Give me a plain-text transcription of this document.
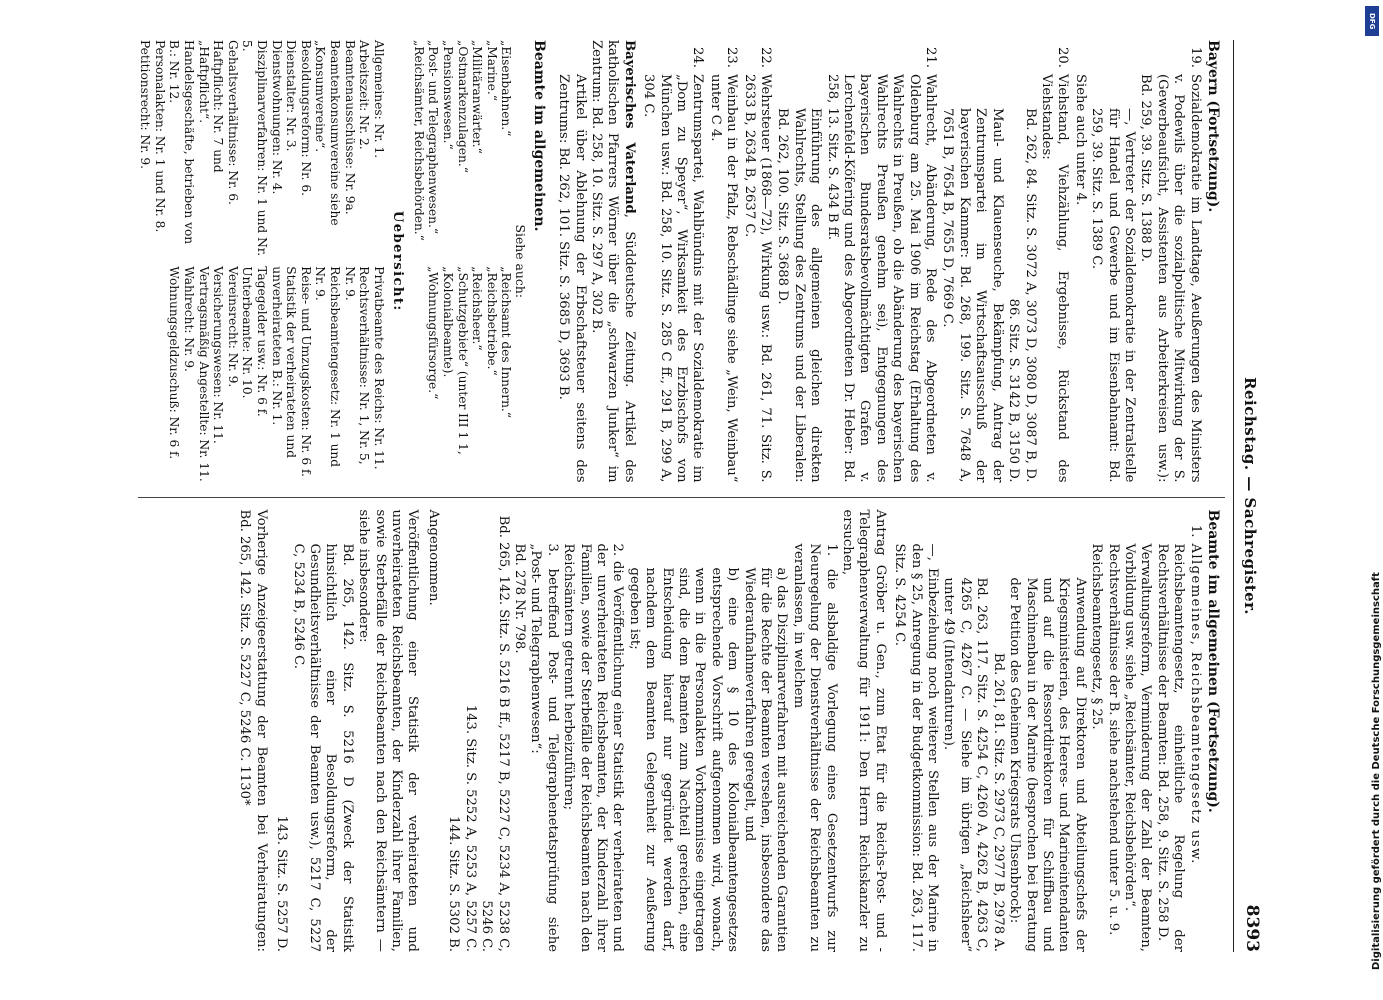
Reichstag. — Sachregister.
8393
Bayern (Fortsetzung).
19.

Sozialdemokratie im Landtage, Aeußerungen des Ministers v. Podewils über die sozialpolitische Mitwirkung der S. (Gewerbeaufsicht, Assistenten aus Arbeiterkreisen usw.): Bd. 259, 39. Sitz. S. 1388 D.

—, Vertreter der Sozialdemokratie in der Zentralstelle für Handel und Gewerbe und im Eisenbahnamt: Bd. 259, 39. Sitz. S. 1389 C.

Siehe auch unter 4.

20.

Viehstand, Viehzählung, Ergebnisse, Rückstand des Viehstandes:

Bd. 262, 84. Sitz. S. 3072 A, 3073 D, 3080 D, 3087 B, D.

86. Sitz. S. 3142 B, 3150 D.

Maul- und Klauenseuche, Bekämpfung, Antrag der Zentrumspartei im Wirtschaftsausschuß der bayerischen Kammer: Bd. 268, 199. Sitz. S. 7648 A, 7651 B, 7654 B, 7655 D, 7669 C.

21.

Wahlrecht, Abänderung, Rede des Abgeordneten v. Oldenburg am 25. Mai 1906 im Reichstag (Erhaltung des Wahlrechts in Preußen, ob die Abänderung des bayerischen Wahlrechts Preußen genehm sei), Entgegnungen des bayerischen Bundesratsbevollmächtigten Grafen v. Lerchenfeld-Köfering und des Abgeordneten Dr. Heber: Bd. 258, 13. Sitz. S. 434 B ff.

Einführung des allgemeinen gleichen direkten Wahlrechts, Stellung des Zentrums und der Liberalen: Bd. 262, 100. Sitz. S. 3688 D.

22.

Wehrsteuer (1868—72), Wirkung usw.: Bd. 261, 71. Sitz. S. 2633 B, 2634 B, 2637 C.

23.

Weinbau in der Pfalz, Rebschädlinge siehe „Wein, Weinbau“ unter C 4.

24.

Zentrumspartei, Wahlbündnis mit der Sozialdemokratie im „Dom zu Speyer“, Wirksamkeit des Erzbischofs von München usw.: Bd. 258, 10. Sitz. S. 285 C ff., 291 B, 299 A, 304 C.

Bayerisches Vaterland, Süddeutsche Zeitung. Artikel des katholischen Pfarrers Wörner über die „schwarzen Junker“ im Zentrum: Bd. 258, 10. Sitz. S. 297 A, 302 B.

Artikel über Ablehnung der Erbschaftsteuer seitens des Zentrums: Bd. 262, 101. Sitz. S. 3685 D, 3693 B.

Beamte im allgemeinen.
Siehe auch:
„Eisenbahnen.“
„Marine.“
„Militäranwärter.“
„Ostmarkenzulagen.“
„Pensionswesen.“
„Post- und Telegraphenwesen.“
„Reichsämter, Reichsbehörden.“
„Reichsamt des Innern.“
„Reichsbetriebe.“
„Reichsheer.“
„Schutzgebiete“ (unter III 1 1, „Kolonialbeamte).
„Wohnungsfürsorge.“
Uebersicht:
Allgemeines: Nr. 1.
Arbeitszeit: Nr. 2.
Beamtenausschüsse: Nr. 9a.
Beamtenkonsumvereine siehe „Konsumvereine“.
Besoldungsreform: Nr. 6.
Dienstalter: Nr. 3.
Dienstwohnungen: Nr. 4.
Disziplinarverfahren: Nr. 1 und Nr. 5.
Gehaltsverhältnisse: Nr. 6.
Haftpflicht: Nr. 7 und „Haftpflicht“.
Handelsgeschäfte, betrieben von B.: Nr. 12.
Personalakten: Nr. 1 und Nr. 8.
Petitionsrecht: Nr. 9.
Privatbeamte des Reichs: Nr. 11.
Rechtsverhältnisse: Nr. 1, Nr. 5, Nr. 9.
Reichsbeamtengesetz: Nr. 1 und Nr. 9.
Reise- und Umzugskosten: Nr. 6 f.
Statistik der verheirateten und unverheirateten B.: Nr. 1.
Tagegelder usw.: Nr. 6 f.
Unterbeamte: Nr. 10.
Vereinsrecht: Nr. 9.
Versicherungswesen: Nr. 11.
Vertragsmäßig Angestellte: Nr. 11.
Wahlrecht: Nr. 9.
Wohnungsgeldzuschuß: Nr. 6 f.
Beamte im allgemeinen (Fortsetzung).
1.

Allgemeines, Reichsbeamtengesetz usw.

Reichsbeamtengesetz, einheitliche Regelung der Rechtsverhältnisse der Beamten: Bd. 258, 9. Sitz. S. 258 D.

Verwaltungsreform, Verminderung der Zahl der Beamten, Vorbildung usw. siehe „Reichsämter, Reichsbehörden“.

Rechtsverhältnisse der B. siehe nachstehend unter 5. u. 9.

Reichsbeamtengesetz, § 25.

Anwendung auf Direktoren und Abteilungschefs der Kriegsministerien, des Heeres- und Marineintendanten und auf die Ressortdirektoren für Schiffbau und Maschinenbau in der Marine (besprochen bei Beratung der Petition des Geheimen Kriegsrats Uhsenbrock):

Bd. 261, 81. Sitz. S. 2973 C, 2977 B, 2978 A.

Bd. 263, 117. Sitz. S. 4254 C, 4260 A, 4262 B, 4263 C, 4265 C, 4267 C. — Siehe im übrigen „Reichsheer“ unter 49 (Intendanturen).

—, Einbeziehung noch weiterer Stellen aus der Marine in den § 25, Anregung in der Budgetkommission: Bd. 263, 117. Sitz. S. 4254 C.

Antrag Gröber u. Gen., zum Etat für die Reichs-Post- und -Telegraphenverwaltung für 1911: Den Herrn Reichskanzler zu ersuchen,

1. die alsbaldige Vorlegung eines Gesetzentwurfs zur Neuregelung der Dienstverhältnisse der Reichsbeamten zu veranlassen, in welchem

a) das Disziplinarverfahren mit ausreichenden Garantien für die Rechte der Beamten versehen, insbesondere das Wiederaufnahmeverfahren geregelt, und

b) eine dem § 10 des Kolonialbeamtengesetzes entsprechende Vorschrift aufgenommen wird, wonach, wenn in die Personalakten Vorkommnisse eingetragen sind, die dem Beamten zum Nachteil gereichen, eine Entscheidung hierauf nur gegründet werden darf, nachdem dem Beamten Gelegenheit zur Aeußerung gegeben ist;

2. die Veröffentlichung einer Statistik der verheirateten und der unverheirateten Reichsbeamten, der Kinderzahl ihrer Familien, sowie der Sterbefälle der Reichsbeamten nach den Reichsämtern getrennt herbeizuführen;

3. betreffend Post- und Telegraphenetatsprüfung siehe „Post- und Telegraphenwesen“:

Bd. 278 Nr. 798.

Bd. 265, 142. Sitz. S. 5216 B ff., 5217 B, 5227 C, 5234 A, 5238 C, 5246 C.

143. Sitz. S. 5252 A, 5253 A, 5257 C.

144. Sitz. S. 5302 B.

Angenommen.

Veröffentlichung einer Statistik der verheirateten und unverheirateten Reichsbeamten, der Kinderzahl ihrer Familien, sowie Sterbefälle der Reichsbeamten nach den Reichsämtern — siehe insbesondere:

Bd. 265, 142. Sitz. S. 5216 D (Zweck der Statistik hinsichtlich einer Besoldungsreform, der Gesundheitsverhältnisse der Beamten usw.), 5217 C, 5227 C, 5234 B, 5246 C.

143. Sitz. S. 5257 D.

Vorherige Anzeigeerstattung der Beamten bei Verheiratungen: Bd. 265, 142. Sitz. S. 5227 C, 5246 C. 1130*	Digitalisierung gefördert durch die Deutsche Forschungsgemeinschaft
DFG
